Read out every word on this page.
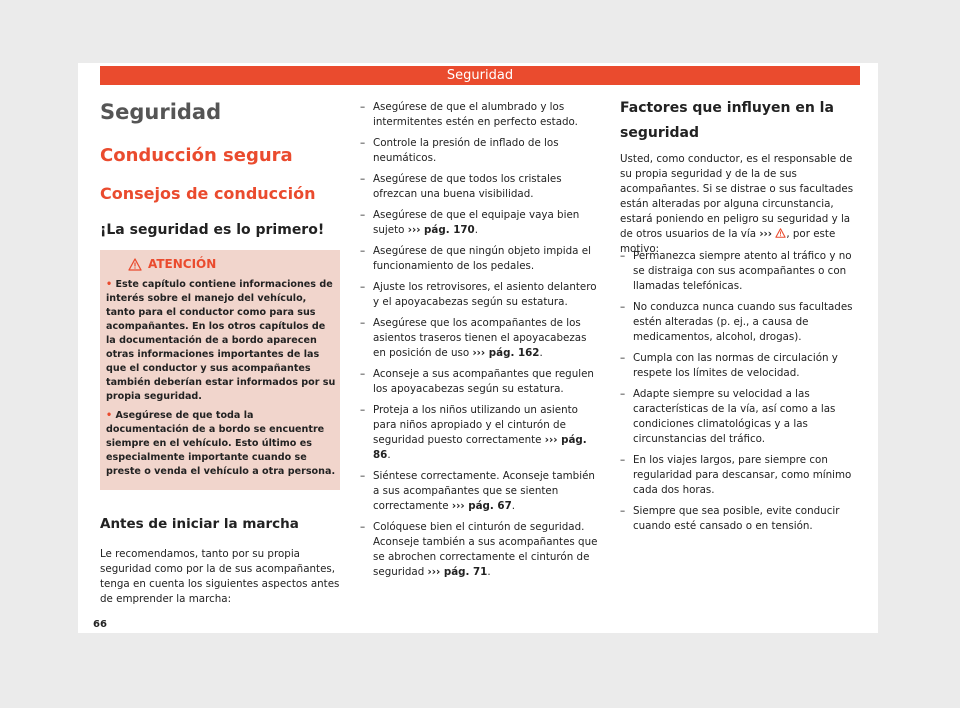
Seguridad
Seguridad
Conducción segura
Consejos de conducción
¡La seguridad es lo primero!
ATENCIÓN

• Este capítulo contiene informaciones de interés sobre el manejo del vehículo, tanto para el conductor como para sus acompañantes. En los otros capítulos de la documentación de a bordo aparecen otras informaciones importantes de las que el conductor y sus acompañantes también deberían estar informados por su propia seguridad.

• Asegúrese de que toda la documentación de a bordo se encuentre siempre en el vehículo. Esto último es especialmente importante cuando se preste o venda el vehículo a otra persona.

Antes de iniciar la marcha

Le recomendamos, tanto por su propia seguridad como por la de sus acompañantes, tenga en cuenta los siguientes aspectos antes de emprender la marcha:

66
– Asegúrese de que el alumbrado y los intermitentes estén en perfecto estado.
– Controle la presión de inflado de los neumáticos.
– Asegúrese de que todos los cristales ofrezcan una buena visibilidad.
– Asegúrese de que el equipaje vaya bien sujeto ››› pág. 170.
– Asegúrese de que ningún objeto impida el funcionamiento de los pedales.
– Ajuste los retrovisores, el asiento delantero y el apoyacabezas según su estatura.
– Asegúrese que los acompañantes de los asientos traseros tienen el apoyacabezas en posición de uso ››› pág. 162.
– Aconseje a sus acompañantes que regulen los apoyacabezas según su estatura.
– Proteja a los niños utilizando un asiento para niños apropiado y el cinturón de seguridad puesto correctamente ››› pág. 86.
– Siéntese correctamente. Aconseje también a sus acompañantes que se sienten correctamente ››› pág. 67.
– Colóquese bien el cinturón de seguridad. Aconseje también a sus acompañantes que se abrochen correctamente el cinturón de seguridad ››› pág. 71.
Factores que influyen en la seguridad

Usted, como conductor, es el responsable de su propia seguridad y de la de sus acompañantes. Si se distrae o sus facultades están alteradas por alguna circunstancia, estará poniendo en peligro su seguridad y la de otros usuarios de la vía ››› , por este motivo:

– Permanezca siempre atento al tráfico y no se distraiga con sus acompañantes o con llamadas telefónicas.
– No conduzca nunca cuando sus facultades estén alteradas (p. ej., a causa de medicamentos, alcohol, drogas).
– Cumpla con las normas de circulación y respete los límites de velocidad.
– Adapte siempre su velocidad a las características de la vía, así como a las condiciones climatológicas y a las circunstancias del tráfico.
– En los viajes largos, pare siempre con regularidad para descansar, como mínimo cada dos horas.
– Siempre que sea posible, evite conducir cuando esté cansado o en tensión.
